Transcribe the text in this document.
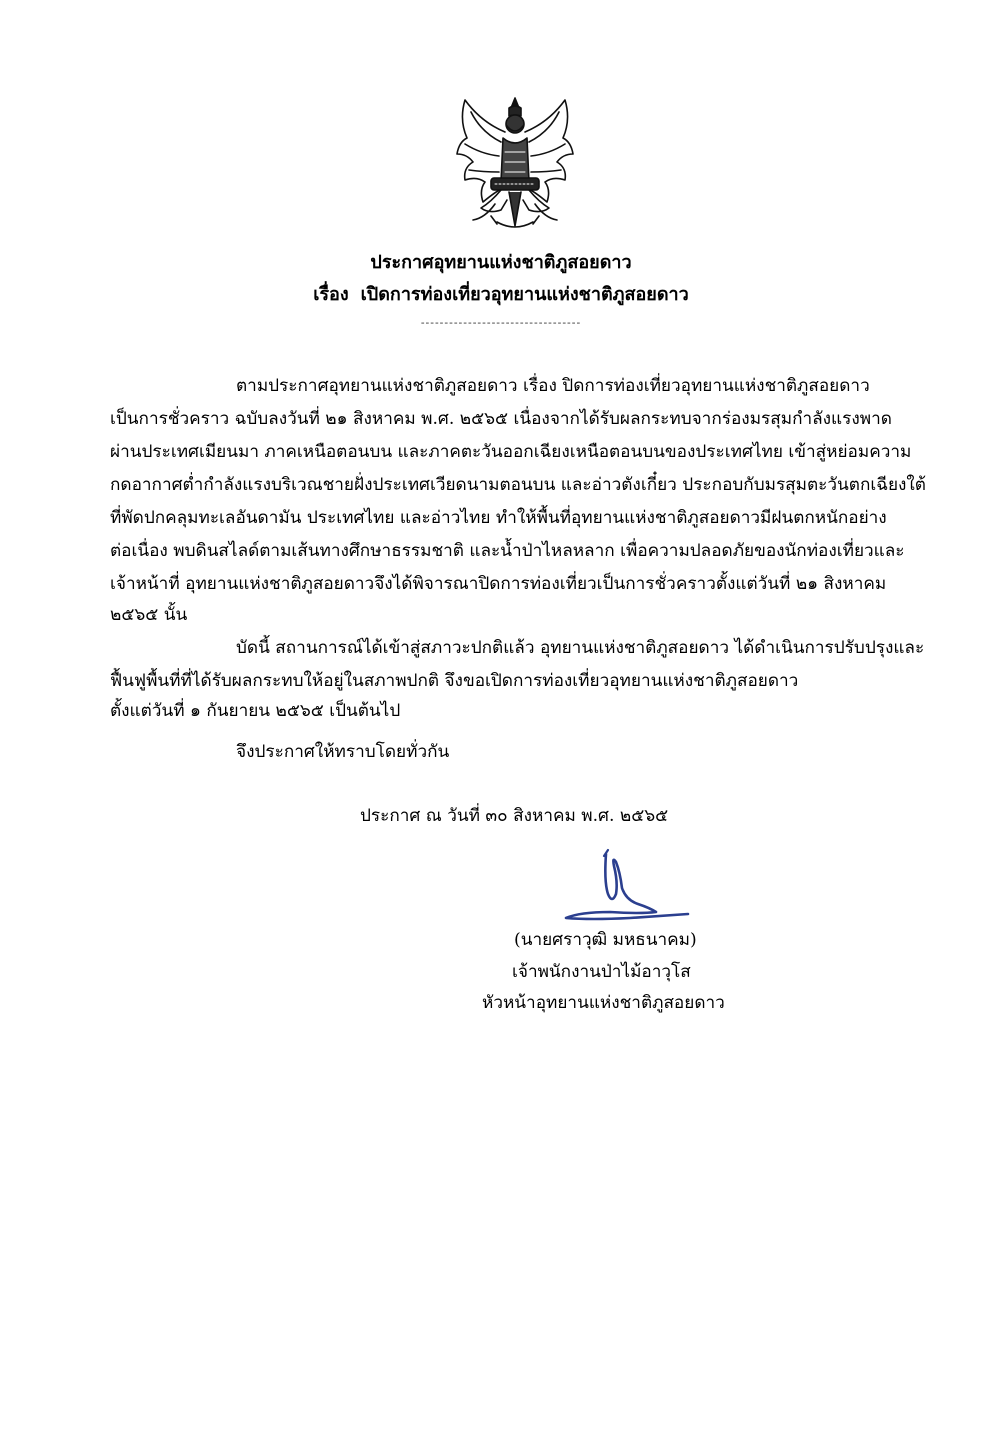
ประกาศอุทยานแห่งชาติภูสอยดาว
เรื่อง เปิดการท่องเที่ยวอุทยานแห่งชาติภูสอยดาว
----------------------------------
ตามประกาศอุทยานแห่งชาติภูสอยดาว เรื่อง ปิดการท่องเที่ยวอุทยานแห่งชาติภูสอยดาว
เป็นการชั่วคราว ฉบับลงวันที่ ๒๑ สิงหาคม พ.ศ. ๒๕๖๕ เนื่องจากได้รับผลกระทบจากร่องมรสุมกำลังแรงพาด
ผ่านประเทศเมียนมา ภาคเหนือตอนบน และภาคตะวันออกเฉียงเหนือตอนบนของประเทศไทย เข้าสู่หย่อมความ
กดอากาศต่ำกำลังแรงบริเวณชายฝั่งประเทศเวียดนามตอนบน และอ่าวตังเกี๋ยว ประกอบกับมรสุมตะวันตกเฉียงใต้
ที่พัดปกคลุมทะเลอันดามัน ประเทศไทย และอ่าวไทย ทำให้พื้นที่อุทยานแห่งชาติภูสอยดาวมีฝนตกหนักอย่าง
ต่อเนื่อง พบดินสไลด์ตามเส้นทางศึกษาธรรมชาติ และน้ำป่าไหลหลาก เพื่อความปลอดภัยของนักท่องเที่ยวและ
เจ้าหน้าที่ อุทยานแห่งชาติภูสอยดาวจึงได้พิจารณาปิดการท่องเที่ยวเป็นการชั่วคราวตั้งแต่วันที่ ๒๑ สิงหาคม
๒๕๖๕ นั้น
บัดนี้ สถานการณ์ได้เข้าสู่สภาวะปกติแล้ว อุทยานแห่งชาติภูสอยดาว ได้ดำเนินการปรับปรุงและ
ฟื้นฟูพื้นที่ที่ได้รับผลกระทบให้อยู่ในสภาพปกติ จึงขอเปิดการท่องเที่ยวอุทยานแห่งชาติภูสอยดาว
ตั้งแต่วันที่ ๑ กันยายน ๒๕๖๕ เป็นต้นไป
จึงประกาศให้ทราบโดยทั่วกัน
ประกาศ ณ วันที่ ๓๐ สิงหาคม พ.ศ. ๒๕๖๕
(นายศราวุฒิ มหธนาคม)
เจ้าพนักงานป่าไม้อาวุโส
หัวหน้าอุทยานแห่งชาติภูสอยดาว
